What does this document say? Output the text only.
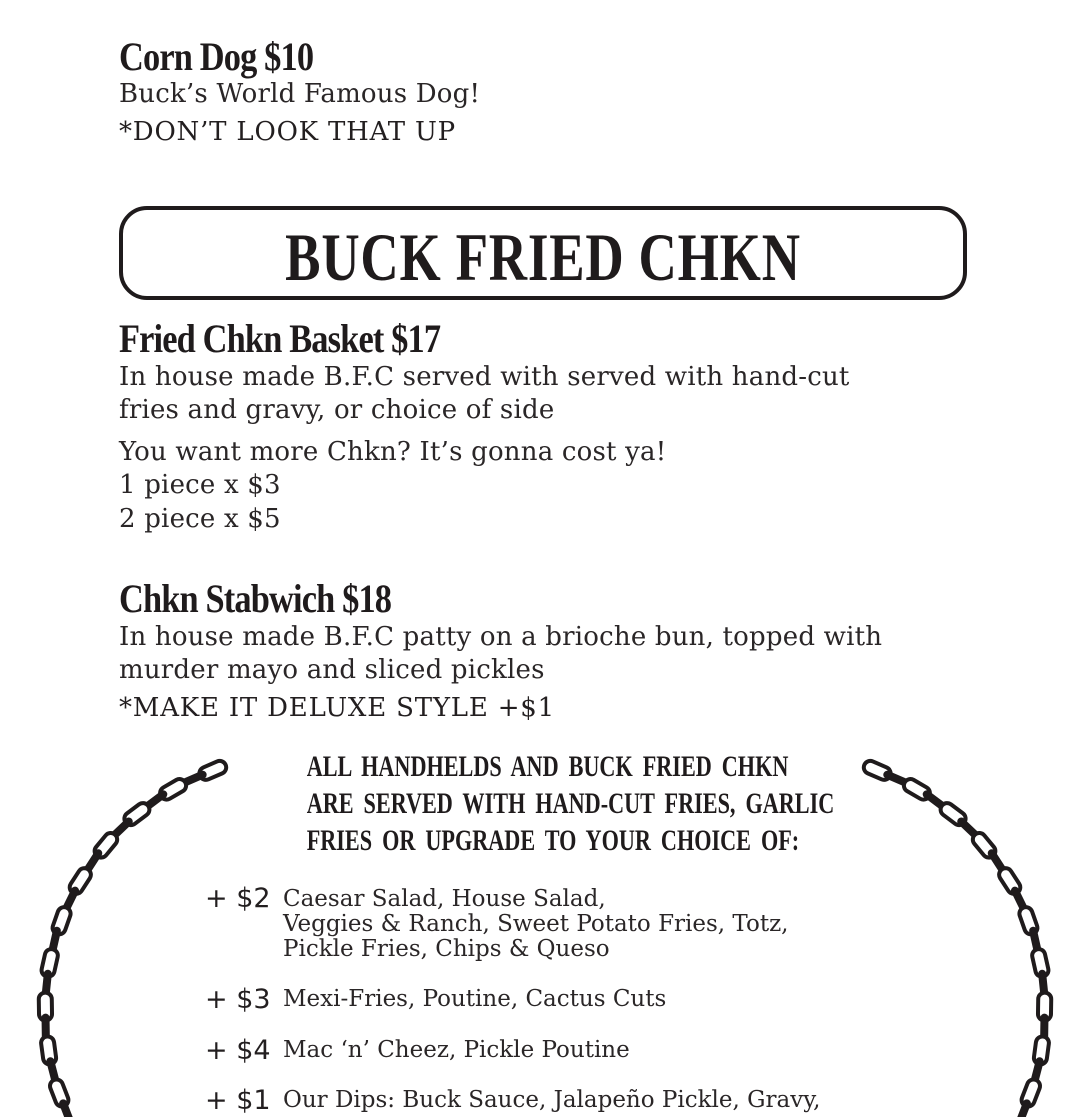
Corn Dog $10
Buck’s World Famous Dog!
*DON’T LOOK THAT UP
BUCK FRIED CHKN
Fried Chkn Basket $17
In house made B.F.C served with served with hand-cut
fries and gravy, or choice of side
You want more Chkn? It’s gonna cost ya!
1 piece x $3
2 piece x $5
Chkn Stabwich $18
In house made B.F.C patty on a brioche bun, topped with
murder mayo and sliced pickles
*MAKE IT DELUXE STYLE +$1
ALL HANDHELDS AND BUCK FRIED CHKN
ARE SERVED WITH HAND-CUT FRIES, GARLIC
FRIES OR UPGRADE TO YOUR CHOICE OF:
+ $2 Caesar Salad, House Salad,
Veggies & Ranch, Sweet Potato Fries, Totz,
Pickle Fries, Chips & Queso
+ $3 Mexi-Fries, Poutine, Cactus Cuts
+ $4 Mac ‘n’ Cheez, Pickle Poutine
+ $1 Our Dips: Buck Sauce, Jalapeño Pickle, Gravy,
